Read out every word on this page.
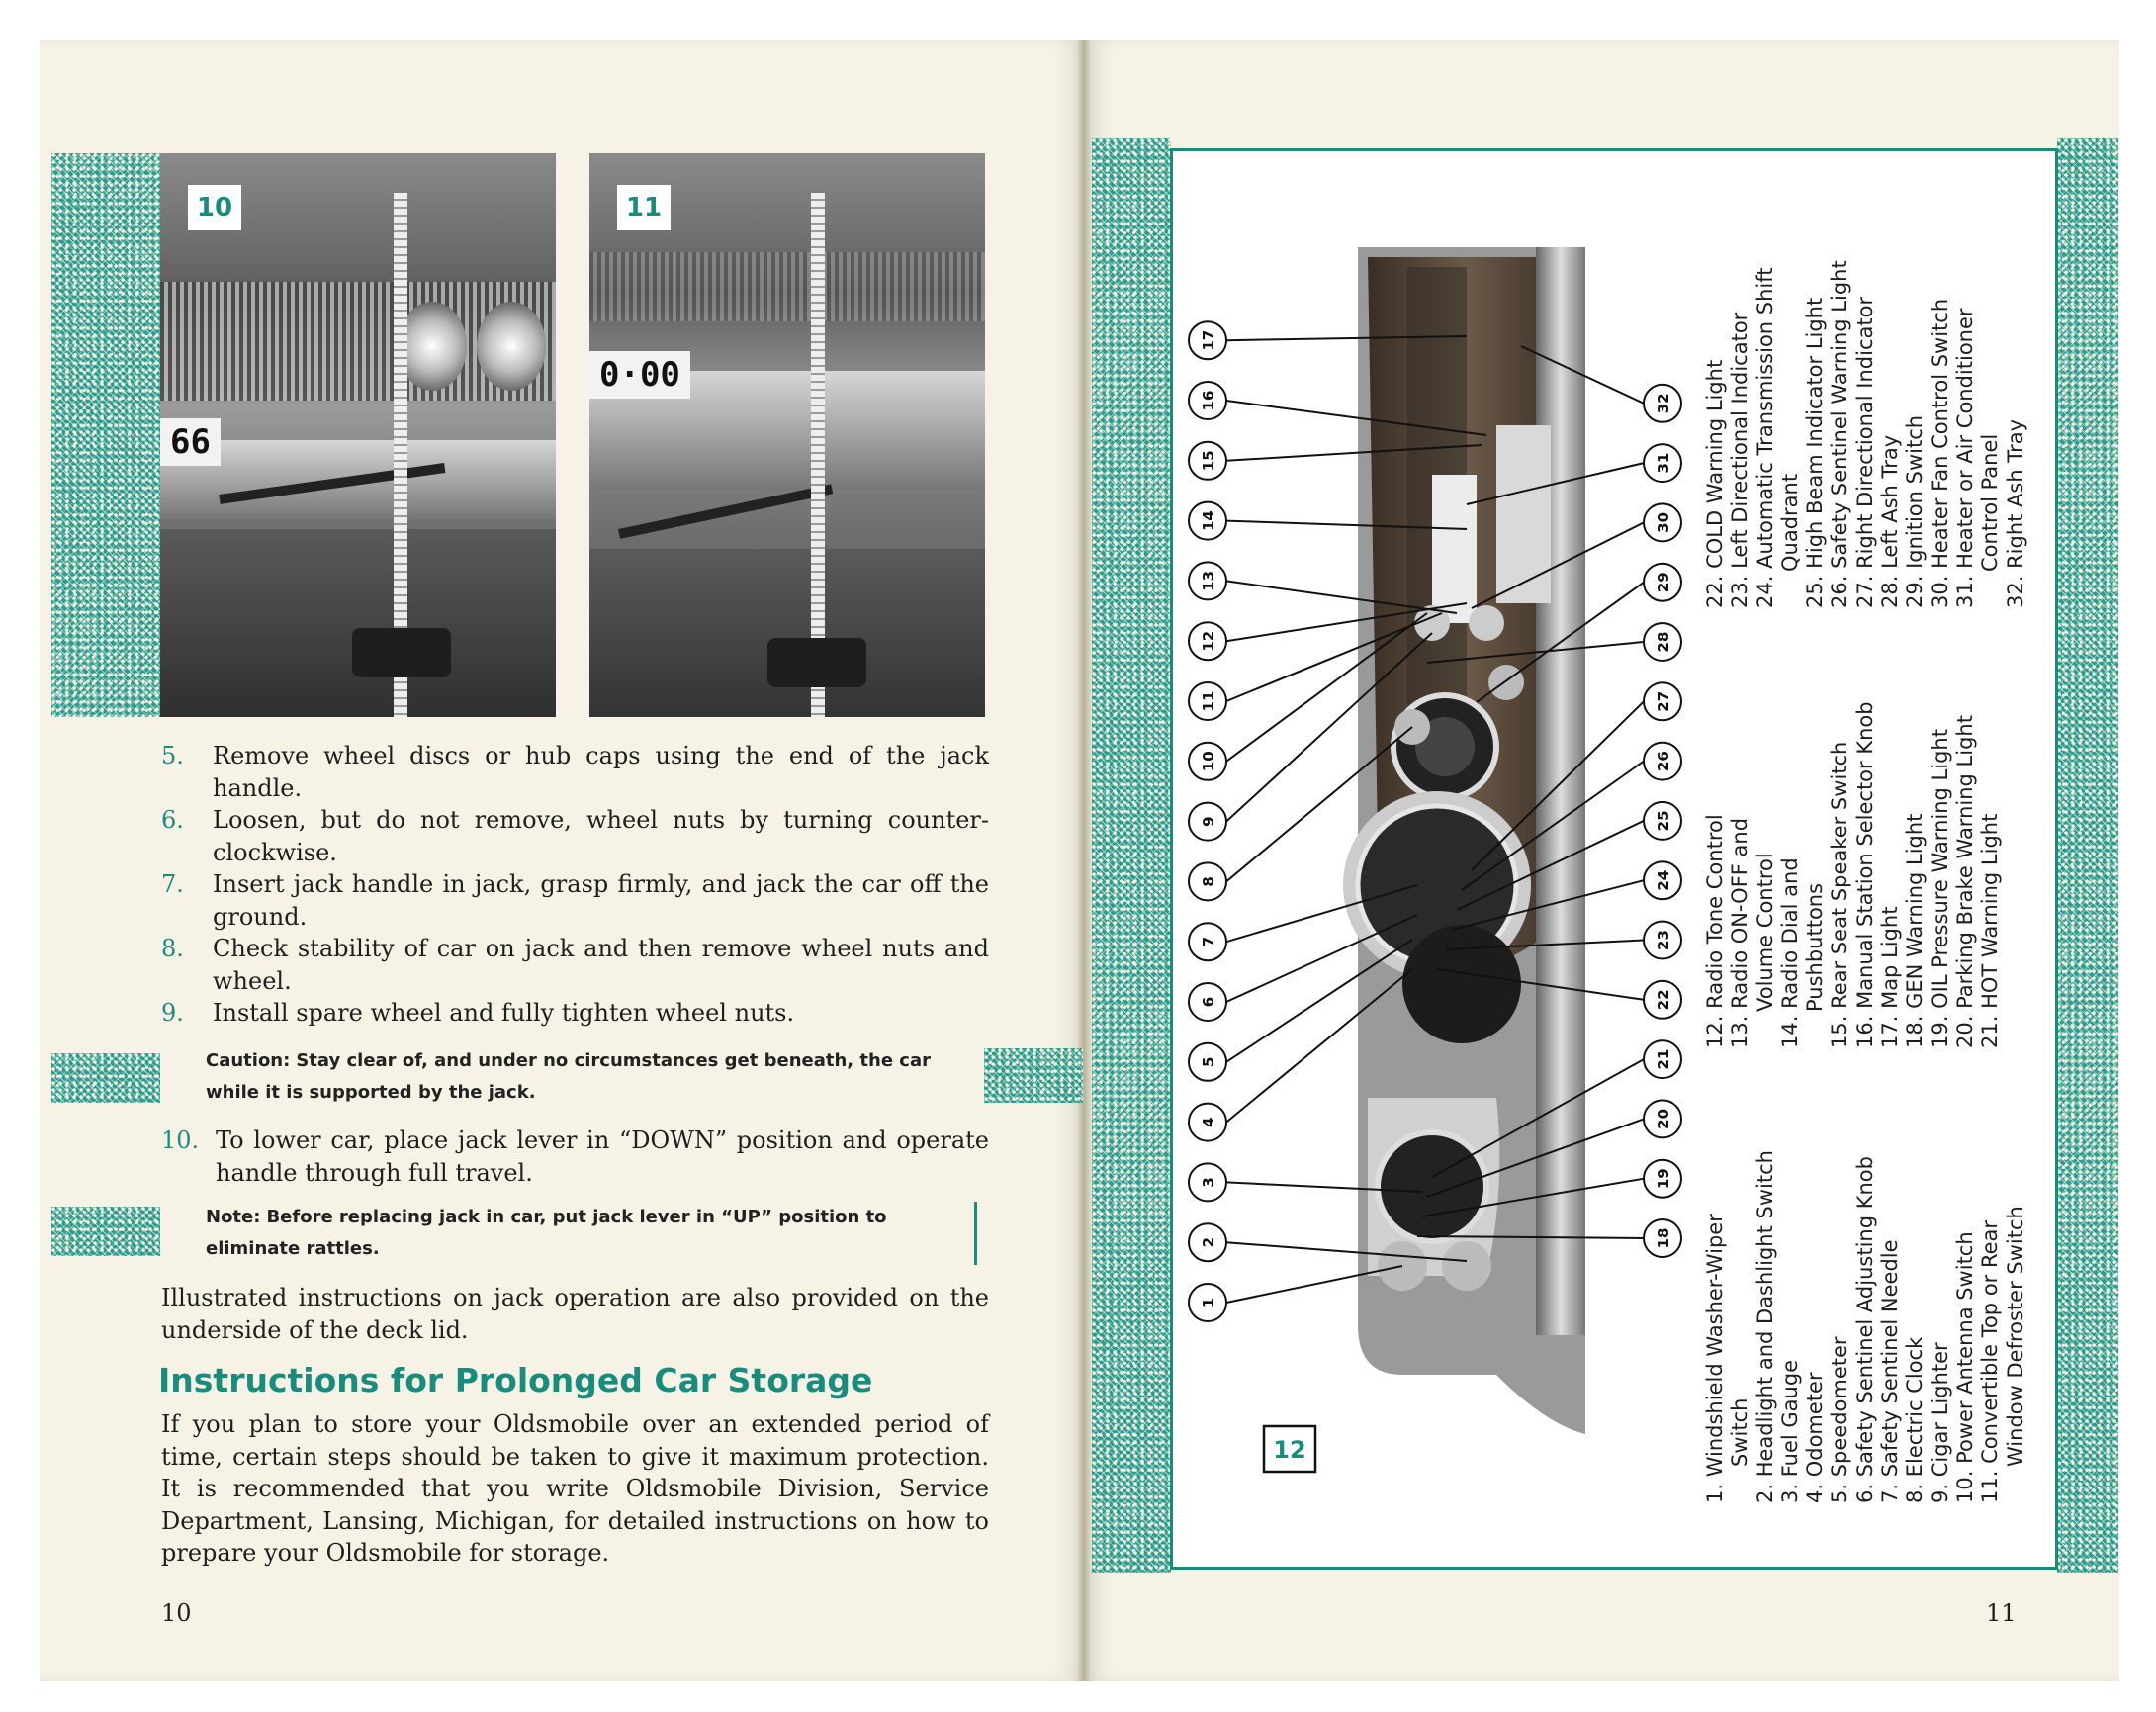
66
10
0·00
11
5. Remove wheel discs or hub caps using the end of the jack handle.
6. Loosen, but do not remove, wheel nuts by turning counter-clockwise.
7. Insert jack handle in jack, grasp firmly, and jack the car off the ground.
8. Check stability of car on jack and then remove wheel nuts and wheel.
9. Install spare wheel and fully tighten wheel nuts.
Caution: Stay clear of, and under no circumstances get beneath, the car while it is supported by the jack.
10. To lower car, place jack lever in “DOWN” position and operate handle through full travel.
Note: Before replacing jack in car, put jack lever in “UP” position to eliminate rattles.
Illustrated instructions on jack operation are also provided on the underside of the deck lid.
Instructions for Prolonged Car Storage
If you plan to store your Oldsmobile over an extended period of time, certain steps should be taken to give it maximum protection. It is recommended that you write Oldsmobile Division, Service Department, Lansing, Michigan, for detailed instructions on how to prepare your Oldsmobile for storage.
10
12
1
2
3
4
5
6
7
8
9
10
11
12
13
14
15
16
17
18
19
20
21
22
23
24
25
26
27
28
29
30
31
32
1. Windshield Washer-Wiper Switch 2. Headlight and Dashlight Switch 3. Fuel Gauge 4. Odometer 5. Speedometer 6. Safety Sentinel Adjusting Knob 7. Safety Sentinel Needle 8. Electric Clock 9. Cigar Lighter 10. Power Antenna Switch 11. Convertible Top or Rear Window Defroster Switch
12. Radio Tone Control 13. Radio ON-OFF and Volume Control 14. Radio Dial and Pushbuttons 15. Rear Seat Speaker Switch 16. Manual Station Selector Knob 17. Map Light 18. GEN Warning Light 19. OIL Pressure Warning Light 20. Parking Brake Warning Light 21. HOT Warning Light
22. COLD Warning Light 23. Left Directional Indicator 24. Automatic Transmission Shift Quadrant 25. High Beam Indicator Light 26. Safety Sentinel Warning Light 27. Right Directional Indicator 28. Left Ash Tray 29. Ignition Switch 30. Heater Fan Control Switch 31. Heater or Air Conditioner Control Panel 32. Right Ash Tray
11
